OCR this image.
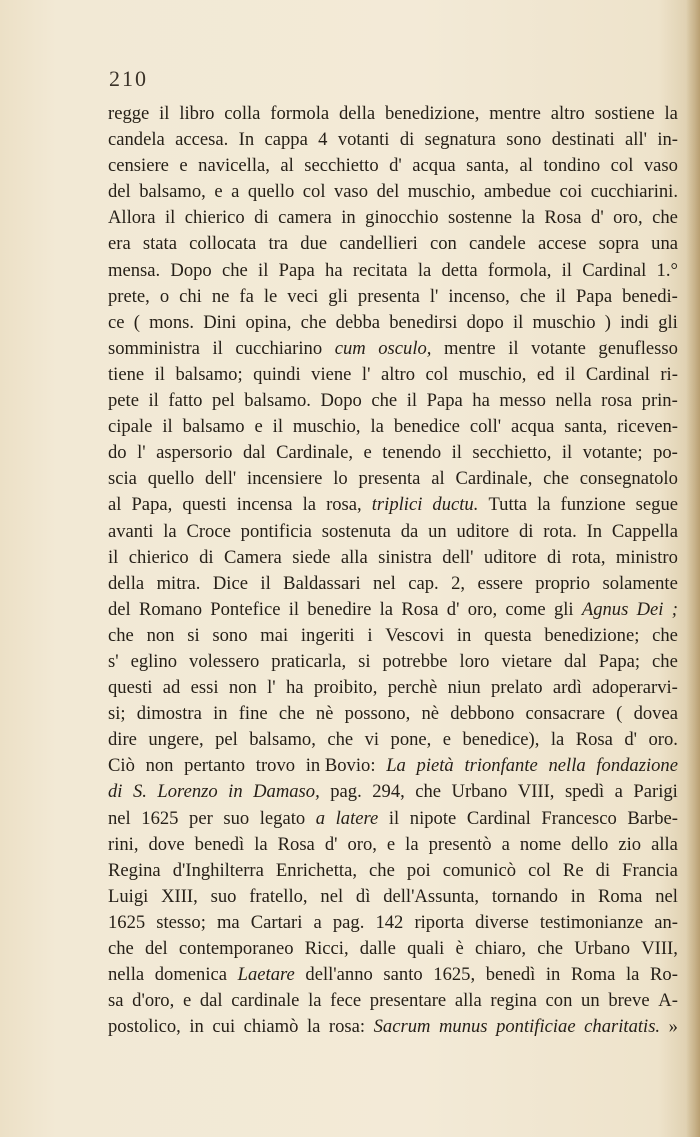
210
regge il libro colla formola della benedizione, mentre altro sostiene la
candela accesa. In cappa 4 votanti di segnatura sono destinati all' in-
censiere e navicella, al secchietto d' acqua santa, al tondino col vaso
del balsamo, e a quello col vaso del muschio, ambedue coi cucchiarini.
Allora il chierico di camera in ginocchio sostenne la Rosa d' oro, che
era stata collocata tra due candellieri con candele accese sopra una
mensa. Dopo che il Papa ha recitata la detta formola, il Cardinal 1.°
prete, o chi ne fa le veci gli presenta l' incenso, che il Papa benedi-
ce ( mons. Dini opina, che debba benedirsi dopo il muschio ) indi gli
somministra il cucchiarino cum osculo, mentre il votante genuflesso
tiene il balsamo; quindi viene l' altro col muschio, ed il Cardinal ri-
pete il fatto pel balsamo. Dopo che il Papa ha messo nella rosa prin-
cipale il balsamo e il muschio, la benedice coll' acqua santa, riceven-
do l' aspersorio dal Cardinale, e tenendo il secchietto, il votante; po-
scia quello dell' incensiere lo presenta al Cardinale, che consegnatolo
al Papa, questi incensa la rosa, triplici ductu. Tutta la funzione segue
avanti la Croce pontificia sostenuta da un uditore di rota. In Cappella
il chierico di Camera siede alla sinistra dell' uditore di rota, ministro
della mitra. Dice il Baldassari nel cap. 2, essere proprio solamente
del Romano Pontefice il benedire la Rosa d' oro, come gli Agnus Dei ;
che non si sono mai ingeriti i Vescovi in questa benedizione; che
s' eglino volessero praticarla, si potrebbe loro vietare dal Papa; che
questi ad essi non l' ha proibito, perchè niun prelato ardì adoperarvi-
si; dimostra in fine che nè possono, nè debbono consacrare ( dovea
dire ungere, pel balsamo, che vi pone, e benedice), la Rosa d' oro.
Ciò non pertanto trovo in Bovio: La pietà trionfante nella fondazione
di S. Lorenzo in Damaso, pag. 294, che Urbano VIII, spedì a Parigi
nel 1625 per suo legato a latere il nipote Cardinal Francesco Barbe-
rini, dove benedì la Rosa d' oro, e la presentò a nome dello zio alla
Regina d'Inghilterra Enrichetta, che poi comunicò col Re di Francia
Luigi XIII, suo fratello, nel dì dell'Assunta, tornando in Roma nel
1625 stesso; ma Cartari a pag. 142 riporta diverse testimonianze an-
che del contemporaneo Ricci, dalle quali è chiaro, che Urbano VIII,
nella domenica Laetare dell'anno santo 1625, benedì in Roma la Ro-
sa d'oro, e dal cardinale la fece presentare alla regina con un breve A-
postolico, in cui chiamò la rosa: Sacrum munus pontificiae charitatis. »
